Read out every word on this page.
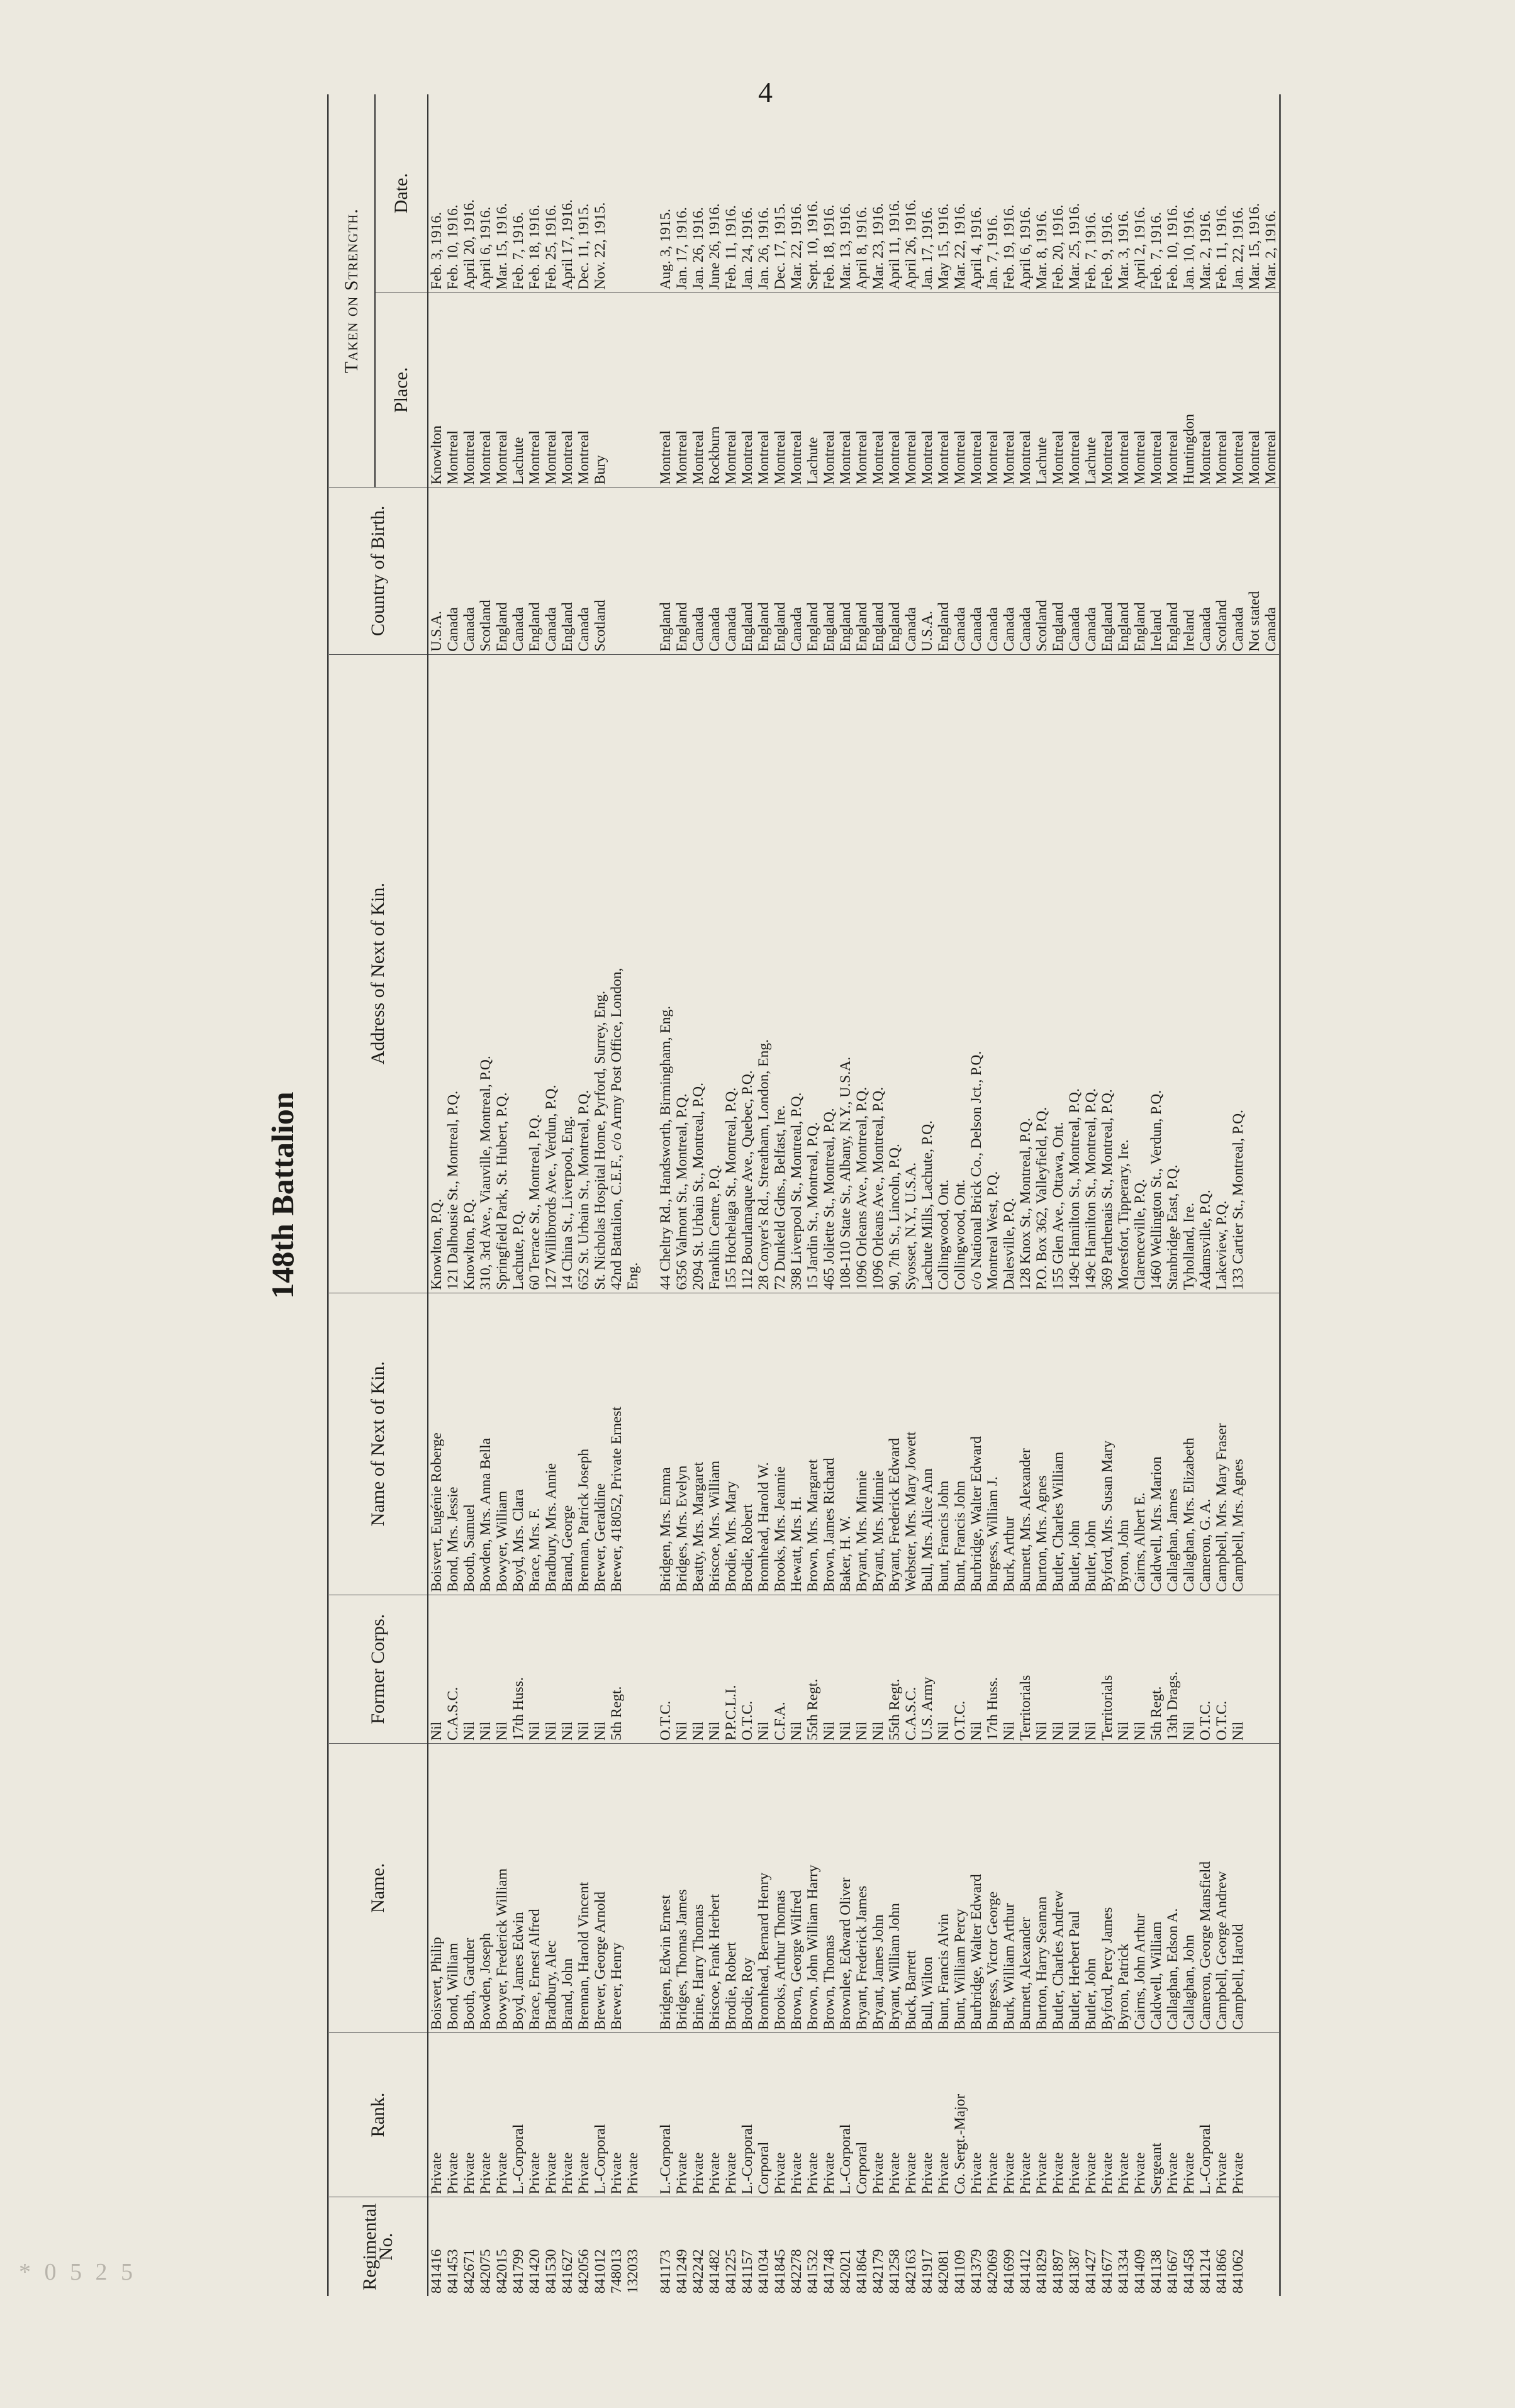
4
* 0 5 2 5
148th Battalion
Regimental No.	Rank.	Name.	Former Corps.	Name of Next of Kin.	Address of Next of Kin.	Country of Birth.	Taken on Strength.	
							Place.	Date.
841416	Private	Boisvert, Philip	Nil	Boisvert, Eugénie Roberge	Knowlton, P.Q.	U.S.A.	Knowlton	Feb. 3, 1916.
841453	Private	Bond, William	C.A.S.C.	Bond, Mrs. Jessie	121 Dalhousie St., Montreal, P.Q.	Canada	Montreal	Feb. 10, 1916.
842671	Private	Booth, Gardner	Nil	Booth, Samuel	Knowlton, P.Q.	Canada	Montreal	April 20, 1916.
842075	Private	Bowden, Joseph	Nil	Bowden, Mrs. Anna Bella	310, 3rd Ave., Viauville, Montreal, P.Q.	Scotland	Montreal	April 6, 1916.
842015	Private	Bowyer, Frederick William	Nil	Bowyer, William	Springfield Park, St. Hubert, P.Q.	England	Montreal	Mar. 15, 1916.
841799	L.-Corporal	Boyd, James Edwin	17th Huss.	Boyd, Mrs. Clara	Lachute, P.Q.	Canada	Lachute	Feb. 7, 1916.
841420	Private	Brace, Ernest Alfred	Nil	Brace, Mrs. F.	60 Terrace St., Montreal, P.Q.	England	Montreal	Feb. 18, 1916.
841530	Private	Bradbury, Alec	Nil	Bradbury, Mrs. Annie	127 Willibrords Ave., Verdun, P.Q.	Canada	Montreal	Feb. 25, 1916.
841627	Private	Brand, John	Nil	Brand, George	14 China St., Liverpool, Eng.	England	Montreal	April 17, 1916.
842056	Private	Brennan, Harold Vincent	Nil	Brennan, Patrick Joseph	652 St. Urbain St., Montreal, P.Q.	Canada	Montreal	Dec. 11, 1915.
841012	L.-Corporal	Brewer, George Arnold	Nil	Brewer, Geraldine	St. Nicholas Hospital Home, Pyrford, Surrey, Eng.	Scotland	Bury	Nov. 22, 1915.
748013	Private	Brewer, Henry	5th Regt.	Brewer, 418052, Private Ernest	42nd Battalion, C.E.F., c/o Army Post Office, London,			
132033	Private				Eng.			

841173	L.-Corporal	Bridgen, Edwin Ernest	O.T.C.	Bridgen, Mrs. Emma	44 Cheltry Rd., Handsworth, Birmingham, Eng.	England	Montreal	Aug. 3, 1915.
841249	Private	Bridges, Thomas James	Nil	Bridges, Mrs. Evelyn	6356 Valmont St., Montreal, P.Q.	England	Montreal	Jan. 17, 1916.
842242	Private	Brine, Harry Thomas	Nil	Beatty, Mrs. Margaret	2094 St. Urbain St., Montreal, P.Q.	Canada	Montreal	Jan. 26, 1916.
841482	Private	Briscoe, Frank Herbert	Nil	Briscoe, Mrs. William	Franklin Centre, P.Q.	Canada	Rockburn	June 26, 1916.
841225	Private	Brodie, Robert	P.P.C.L.I.	Brodie, Mrs. Mary	155 Hochelaga St., Montreal, P.Q.	Canada	Montreal	Feb. 11, 1916.
841157	L.-Corporal	Brodie, Roy	O.T.C.	Brodie, Robert	112 Bourlamaque Ave., Quebec, P.Q.	England	Montreal	Jan. 24, 1916.
841034	Corporal	Bromhead, Bernard Henry	Nil	Bromhead, Harold W.	28 Conyer's Rd., Streatham, London, Eng.	England	Montreal	Jan. 26, 1916.
841845	Private	Brooks, Arthur Thomas	C.F.A.	Brooks, Mrs. Jeannie	72 Dunkeld Gdns., Belfast, Ire.	England	Montreal	Dec. 17, 1915.
842278	Private	Brown, George Wilfred	Nil	Hewatt, Mrs. H.	398 Liverpool St., Montreal, P.Q.	Canada	Montreal	Mar. 22, 1916.
841532	Private	Brown, John William Harry	55th Regt.	Brown, Mrs. Margaret	15 Jardin St., Montreal, P.Q.	England	Lachute	Sept. 10, 1916.
841748	Private	Brown, Thomas	Nil	Brown, James Richard	465 Joliette St., Montreal, P.Q.	England	Montreal	Feb. 18, 1916.
842021	L.-Corporal	Brownlee, Edward Oliver	Nil	Baker, H. W.	108-110 State St., Albany, N.Y., U.S.A.	England	Montreal	Mar. 13, 1916.
841864	Corporal	Bryant, Frederick James	Nil	Bryant, Mrs. Minnie	1096 Orleans Ave., Montreal, P.Q.	England	Montreal	April 8, 1916.
842179	Private	Bryant, James John	Nil	Bryant, Mrs. Minnie	1096 Orleans Ave., Montreal, P.Q.	England	Montreal	Mar. 23, 1916.
841258	Private	Bryant, William John	55th Regt.	Bryant, Frederick Edward	90, 7th St., Lincoln, P.Q.	England	Montreal	April 11, 1916.
842163	Private	Buck, Barrett	C.A.S.C.	Webster, Mrs. Mary Jowett	Syosset, N.Y., U.S.A.	Canada	Montreal	April 26, 1916.
841917	Private	Bull, Wilton	U.S. Army	Bull, Mrs. Alice Ann	Lachute Mills, Lachute, P.Q.	U.S.A.	Montreal	Jan. 17, 1916.
842081	Private	Bunt, Francis Alvin	Nil	Bunt, Francis John	Collingwood, Ont.	England	Montreal	May 15, 1916.
841109	Co. Sergt.-Major	Bunt, William Percy	O.T.C.	Bunt, Francis John	Collingwood, Ont.	Canada	Montreal	Mar. 22, 1916.
841379	Private	Burbridge, Walter Edward	Nil	Burbridge, Walter Edward	c/o National Brick Co., Delson Jct., P.Q.	Canada	Montreal	April 4, 1916.
842069	Private	Burgess, Victor George	17th Huss.	Burgess, William J.	Montreal West, P.Q.	Canada	Montreal	Jan. 7, 1916.
841699	Private	Burk, William Arthur	Nil	Burk, Arthur	Dalesville, P.Q.	Canada	Montreal	Feb. 19, 1916.
841412	Private	Burnett, Alexander	Territorials	Burnett, Mrs. Alexander	128 Knox St., Montreal, P.Q.	Canada	Montreal	April 6, 1916.
841829	Private	Burton, Harry Seaman	Nil	Burton, Mrs. Agnes	P.O. Box 362, Valleyfield, P.Q.	Scotland	Lachute	Mar. 8, 1916.
841897	Private	Butler, Charles Andrew	Nil	Butler, Charles William	155 Glen Ave., Ottawa, Ont.	England	Montreal	Feb. 20, 1916.
841387	Private	Butler, Herbert Paul	Nil	Butler, John	149c Hamilton St., Montreal, P.Q.	Canada	Montreal	Mar. 25, 1916.
841427	Private	Butler, John	Nil	Butler, John	149c Hamilton St., Montreal, P.Q.	Canada	Lachute	Feb. 7, 1916.
841677	Private	Byford, Percy James	Territorials	Byford, Mrs. Susan Mary	369 Parthenais St., Montreal, P.Q.	England	Montreal	Feb. 9, 1916.
841334	Private	Byron, Patrick	Nil	Byron, John	Moresfort, Tipperary, Ire.	England	Montreal	Mar. 3, 1916.
841409	Private	Cairns, John Arthur	Nil	Cairns, Albert E.	Clarenceville, P.Q.	England	Montreal	April 2, 1916.
841138	Sergeant	Caldwell, William	5th Regt.	Caldwell, Mrs. Marion	1460 Wellington St., Verdun, P.Q.	Ireland	Montreal	Feb. 7, 1916.
841667	Private	Callaghan, Edson A.	13th Drags.	Callaghan, James	Stanbridge East, P.Q.	England	Montreal	Feb. 10, 1916.
841458	Private	Callaghan, John	Nil	Callaghan, Mrs. Elizabeth	Tyholland, Ire.	Ireland	Huntingdon	Jan. 10, 1916.
841214	L.-Corporal	Cameron, George Mansfield	O.T.C.	Cameron, G. A.	Adamsville, P.Q.	Canada	Montreal	Mar. 2, 1916.
841866	Private	Campbell, George Andrew	O.T.C.	Campbell, Mrs. Mary Fraser	Lakeview, P.Q.	Scotland	Montreal	Feb. 11, 1916.
841062	Private	Campbell, Harold	Nil	Campbell, Mrs. Agnes	133 Cartier St., Montreal, P.Q.	Canada	Montreal	Jan. 22, 1916.
						Not stated	Montreal	Mar. 15, 1916.
						Canada	Montreal	Mar. 2, 1916.
